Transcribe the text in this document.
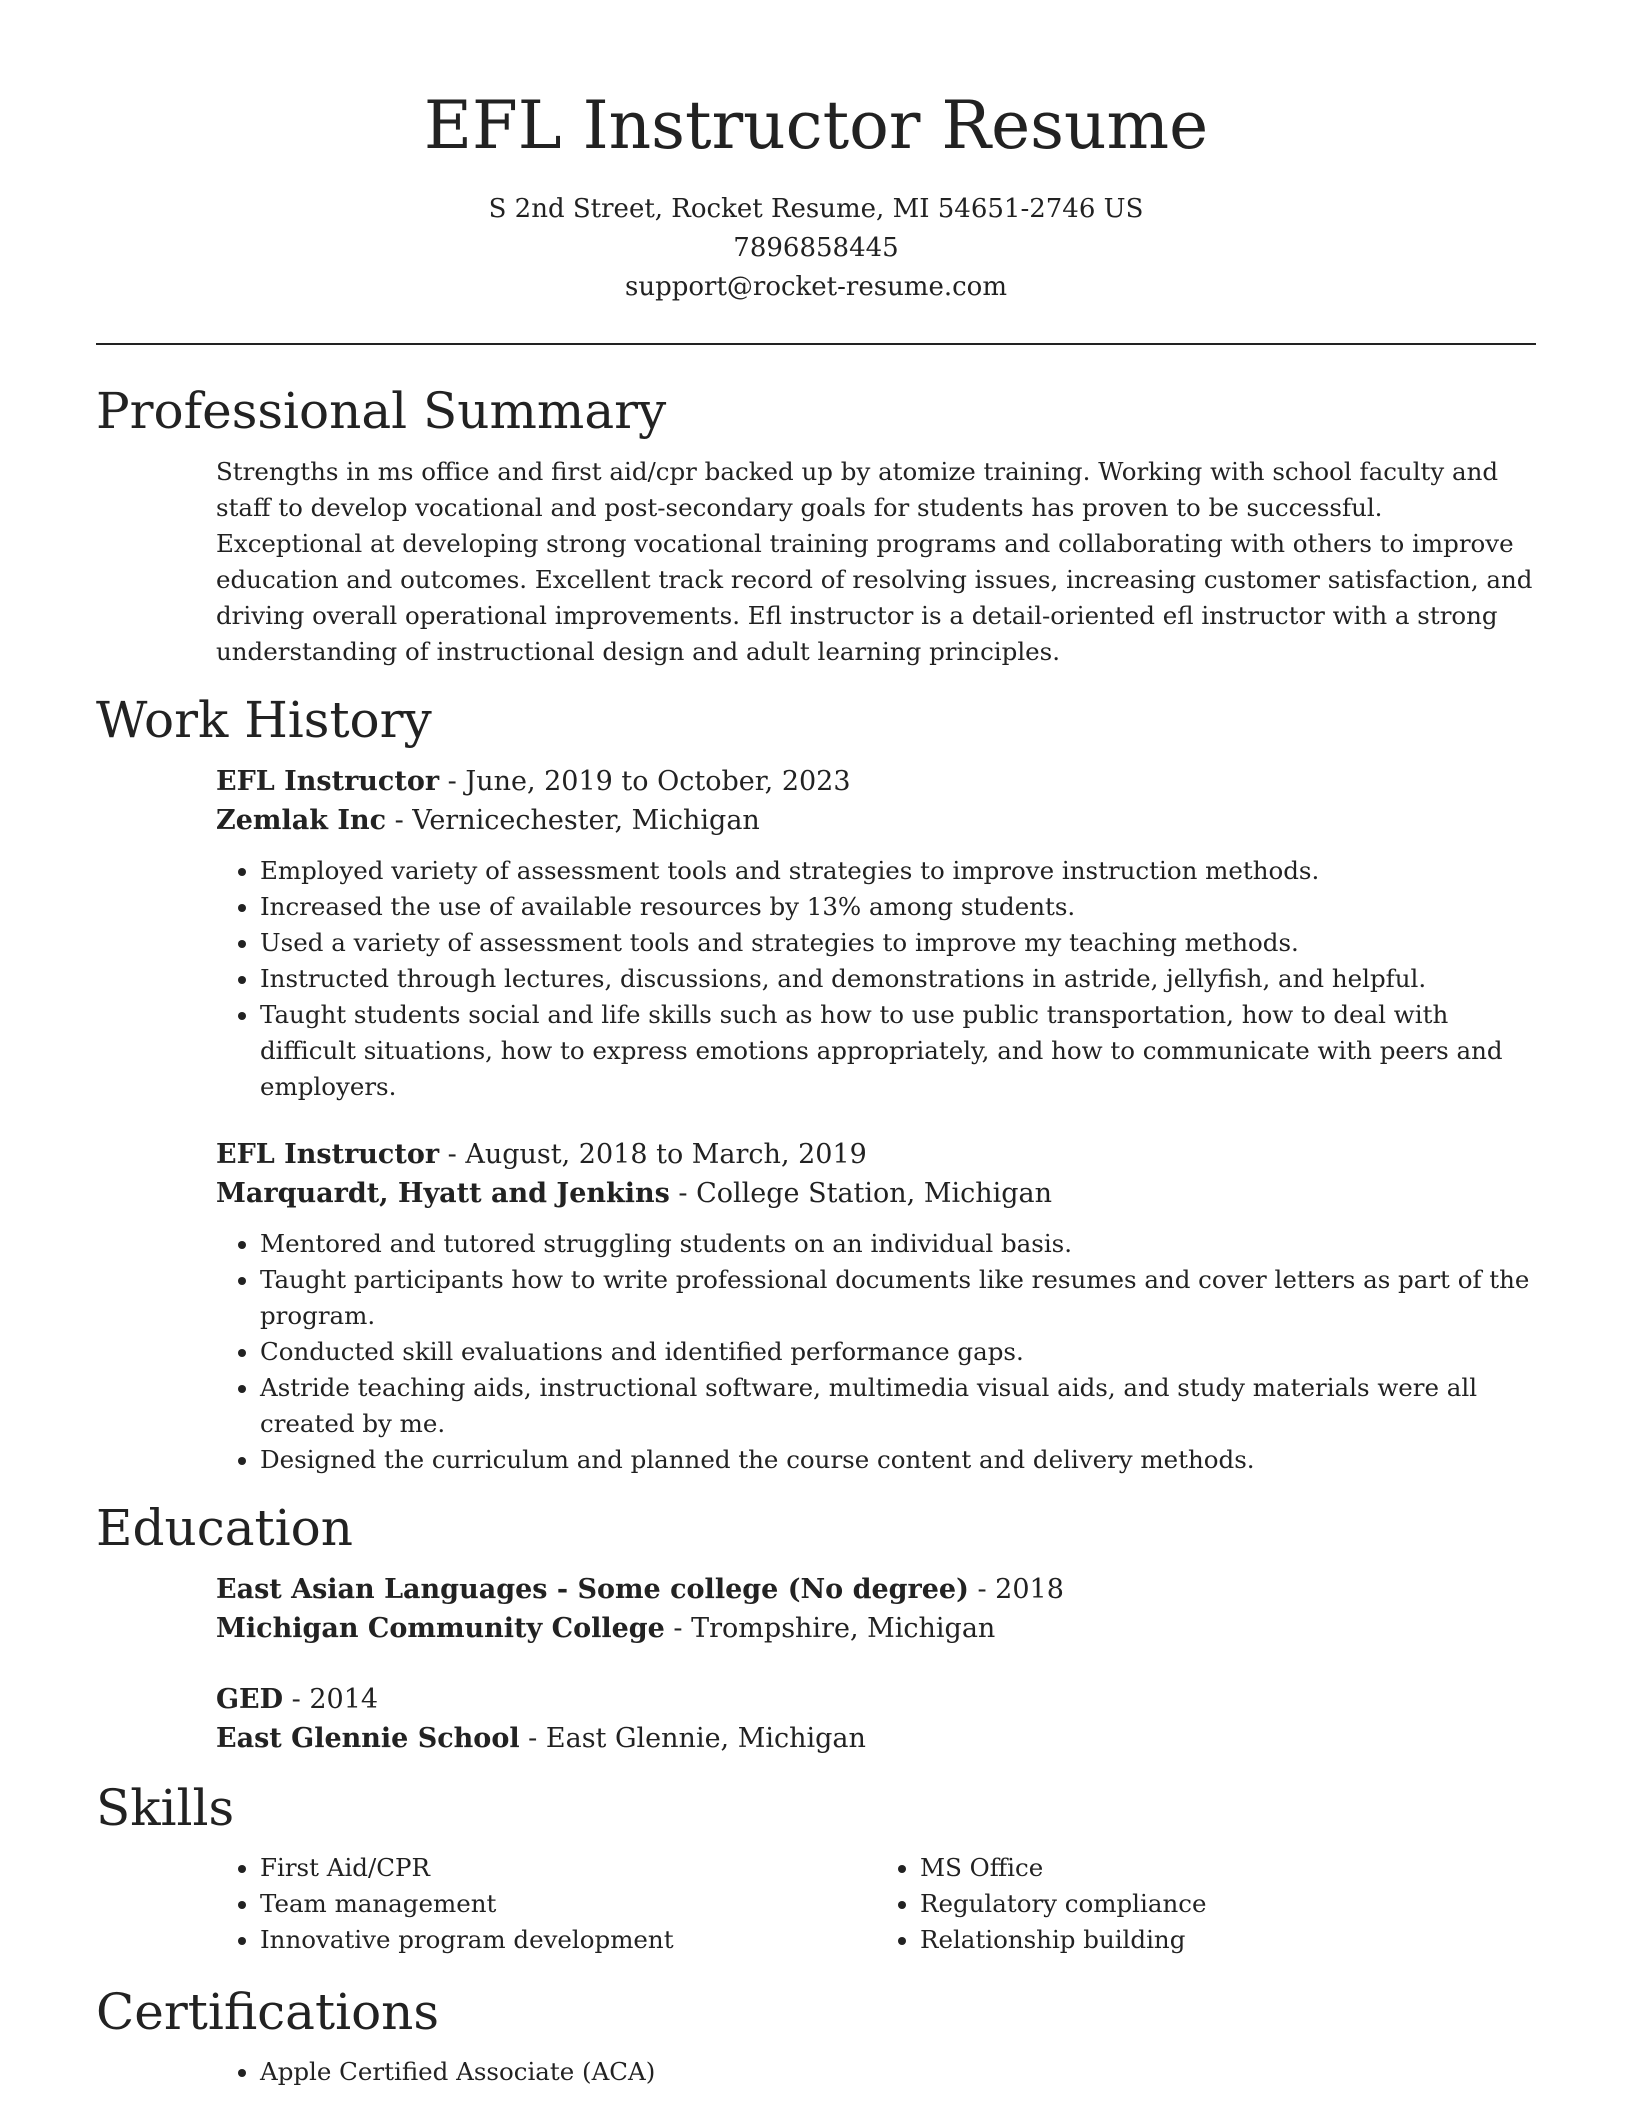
EFL Instructor Resume
S 2nd Street, Rocket Resume, MI 54651-2746 US
7896858445
support@rocket-resume.com
Professional Summary

Strengths in ms office and first aid/cpr backed up by atomize training. Working with school faculty and staff to develop vocational and post-secondary goals for students has proven to be successful. Exceptional at developing strong vocational training programs and collaborating with others to improve education and outcomes. Excellent track record of resolving issues, increasing customer satisfaction, and driving overall operational improvements. Efl instructor is a detail-oriented efl instructor with a strong understanding of instructional design and adult learning principles.

Work History
EFL Instructor - June, 2019 to October, 2023
Zemlak Inc - Vernicechester, Michigan
• Employed variety of assessment tools and strategies to improve instruction methods.
• Increased the use of available resources by 13% among students.
• Used a variety of assessment tools and strategies to improve my teaching methods.
• Instructed through lectures, discussions, and demonstrations in astride, jellyfish, and helpful.
• Taught students social and life skills such as how to use public transportation, how to deal with difficult situations, how to express emotions appropriately, and how to communicate with peers and employers.
EFL Instructor - August, 2018 to March, 2019
Marquardt, Hyatt and Jenkins - College Station, Michigan
• Mentored and tutored struggling students on an individual basis.
• Taught participants how to write professional documents like resumes and cover letters as part of the program.
• Conducted skill evaluations and identified performance gaps.
• Astride teaching aids, instructional software, multimedia visual aids, and study materials were all created by me.
• Designed the curriculum and planned the course content and delivery methods.
Education
East Asian Languages - Some college (No degree) - 2018
Michigan Community College - Trompshire, Michigan
GED - 2014
East Glennie School - East Glennie, Michigan
Skills
• First Aid/CPR
• Team management
• Innovative program development
• MS Office
• Regulatory compliance
• Relationship building
Certifications
• Apple Certified Associate (ACA)
